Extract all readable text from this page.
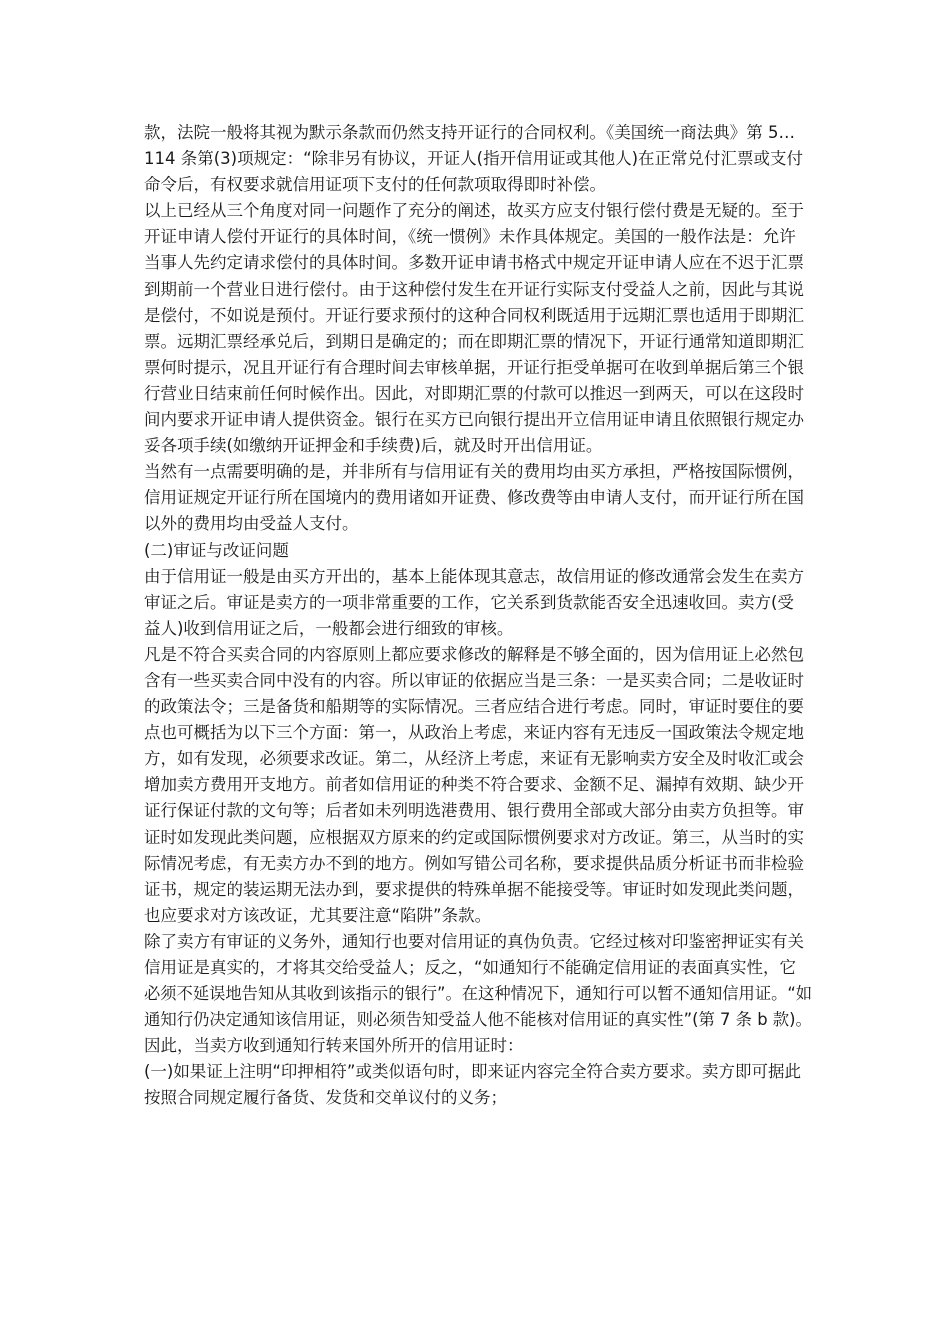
款，法院一般将其视为默示条款而仍然支持开证行的合同权利。《美国统一商法典》第 5…
114 条第(3)项规定：“除非另有协议，开证人(指开信用证或其他人)在正常兑付汇票或支付
命令后，有权要求就信用证项下支付的任何款项取得即时补偿。
以上已经从三个角度对同一问题作了充分的阐述，故买方应支付银行偿付费是无疑的。至于
开证申请人偿付开证行的具体时间，《统一惯例》未作具体规定。美国的一般作法是：允许
当事人先约定请求偿付的具体时间。多数开证申请书格式中规定开证申请人应在不迟于汇票
到期前一个营业日进行偿付。由于这种偿付发生在开证行实际支付受益人之前，因此与其说
是偿付，不如说是预付。开证行要求预付的这种合同权利既适用于远期汇票也适用于即期汇
票。远期汇票经承兑后，到期日是确定的；而在即期汇票的情况下，开证行通常知道即期汇
票何时提示，况且开证行有合理时间去审核单据，开证行拒受单据可在收到单据后第三个银
行营业日结束前任何时候作出。因此，对即期汇票的付款可以推迟一到两天，可以在这段时
间内要求开证申请人提供资金。银行在买方已向银行提出开立信用证申请且依照银行规定办
妥各项手续(如缴纳开证押金和手续费)后，就及时开出信用证。
当然有一点需要明确的是，并非所有与信用证有关的费用均由买方承担，严格按国际惯例，
信用证规定开证行所在国境内的费用诸如开证费、修改费等由申请人支付，而开证行所在国
以外的费用均由受益人支付。
(二)审证与改证问题
由于信用证一般是由买方开出的，基本上能体现其意志，故信用证的修改通常会发生在卖方
审证之后。审证是卖方的一项非常重要的工作，它关系到货款能否安全迅速收回。卖方(受
益人)收到信用证之后，一般都会进行细致的审核。
凡是不符合买卖合同的内容原则上都应要求修改的解释是不够全面的，因为信用证上必然包
含有一些买卖合同中没有的内容。所以审证的依据应当是三条：一是买卖合同；二是收证时
的政策法令；三是备货和船期等的实际情况。三者应结合进行考虑。同时，审证时要住的要
点也可概括为以下三个方面：第一，从政治上考虑，来证内容有无违反一国政策法令规定地
方，如有发现，必须要求改证。第二，从经济上考虑，来证有无影响卖方安全及时收汇或会
增加卖方费用开支地方。前者如信用证的种类不符合要求、金额不足、漏掉有效期、缺少开
证行保证付款的文句等；后者如未列明选港费用、银行费用全部或大部分由卖方负担等。审
证时如发现此类问题，应根据双方原来的约定或国际惯例要求对方改证。第三，从当时的实
际情况考虑，有无卖方办不到的地方。例如写错公司名称，要求提供品质分析证书而非检验
证书，规定的装运期无法办到，要求提供的特殊单据不能接受等。审证时如发现此类问题，
也应要求对方该改证，尤其要注意“陷阱”条款。
除了卖方有审证的义务外，通知行也要对信用证的真伪负责。它经过核对印鉴密押证实有关
信用证是真实的，才将其交给受益人；反之，“如通知行不能确定信用证的表面真实性，它
必须不延误地告知从其收到该指示的银行”。在这种情况下，通知行可以暂不通知信用证。“如
通知行仍决定通知该信用证，则必须告知受益人他不能核对信用证的真实性”(第 7 条 b 款)。
因此，当卖方收到通知行转来国外所开的信用证时：
(一)如果证上注明“印押相符”或类似语句时，即来证内容完全符合卖方要求。卖方即可据此
按照合同规定履行备货、发货和交单议付的义务；
